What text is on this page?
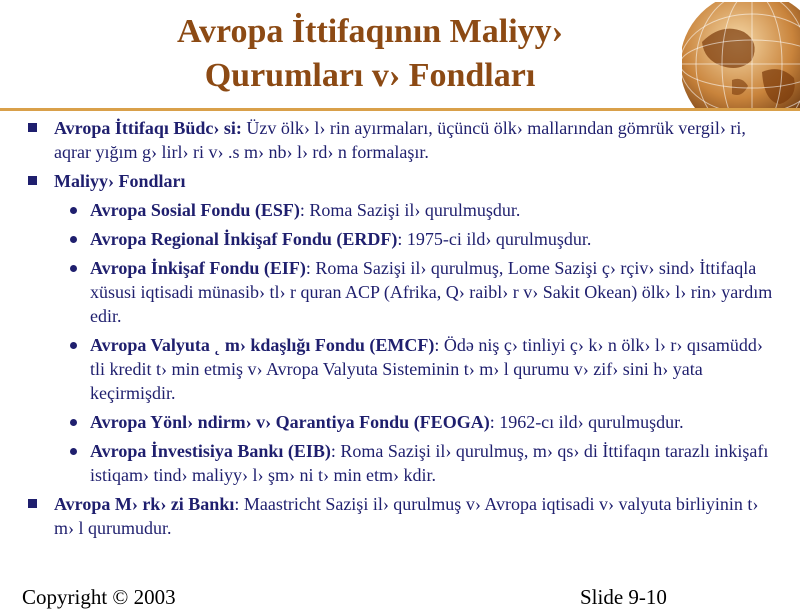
Avropa İttifaqının Maliyy›
Qurumları v› Fondları
Avropa İttifaqı Büdc› si: Üzv ölk› l› rin ayırmaları, üçüncü ölk› mallarından gömrük vergil› ri, aqrar yığım g› lirl› ri v› .s m› nb› l› rd› n formalaşır.
Maliyy› Fondları
Avropa Sosial Fondu (ESF): Roma Sazişi il› qurulmuşdur.
Avropa Regional İnkişaf Fondu (ERDF): 1975-ci ild› qurulmuşdur.
Avropa İnkişaf Fondu (EIF): Roma Sazişi il› qurulmuş, Lome Sazişi ç› rçiv› sind› İttifaqla xüsusi iqtisadi münasib› tl› r quran ACP (Afrika, Q› raibl› r v› Sakit Okean) ölk› l› rin› yardım edir.
Avropa Valyuta ˛ m› kdaşlığı Fondu (EMCF): Ödə niş ç› tinliyi ç› k› n ölk› l› r› qısamüdd› tli kredit t› min etmiş v› Avropa Valyuta Sisteminin t› m› l qurumu v› zif› sini h› yata keçirmişdir.
Avropa Yönl› ndirm› v› Qarantiya Fondu (FEOGA): 1962-cı ild› qurulmuşdur.
Avropa İnvestisiya Bankı (EIB): Roma Sazişi il› qurulmuş, m› qs› di İttifaqın tarazlı inkişafı istiqam› tind› maliyy› l› şm› ni t› min etm› kdir.
Avropa M› rk› zi Bankı: Maastricht Sazişi il› qurulmuş v› Avropa iqtisadi v› valyuta birliyinin t› m› l qurumudur.
Copyright © 2003	Slide 9-10
